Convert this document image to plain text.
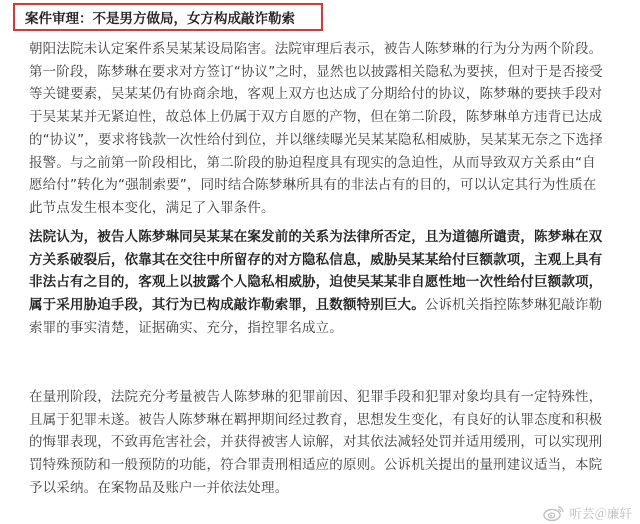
案件审理：不是男方做局，女方构成敲诈勒索

朝阳法院未认定案件系吴某某设局陷害。法院审理后表示，被告人陈梦琳的行为分为两个阶段。第一阶段，陈梦琳在要求对方签订“协议”之时，显然也以披露相关隐私为要挟，但对于是否接受等关键要素，吴某某仍有协商余地，客观上双方也达成了分期给付的协议，陈梦琳的要挟手段对于吴某某并无紧迫性，故总体上仍属于双方自愿的产物，但在第二阶段，陈梦琳单方违背已达成的“协议”，要求将钱款一次性给付到位，并以继续曝光吴某某隐私相威胁，吴某某无奈之下选择报警。与之前第一阶段相比，第二阶段的胁迫程度具有现实的急迫性，从而导致双方关系由“自愿给付”转化为“强制索要”，同时结合陈梦琳所具有的非法占有的目的，可以认定其行为性质在此节点发生根本变化，满足了入罪条件。

法院认为，被告人陈梦琳同吴某某在案发前的关系为法律所否定，且为道德所谴责，陈梦琳在双方关系破裂后，依靠其在交往中所留存的对方隐私信息，威胁吴某某给付巨额款项，主观上具有非法占有之目的，客观上以披露个人隐私相威胁，迫使吴某某非自愿性地一次性给付巨额款项，属于采用胁迫手段，其行为已构成敲诈勒索罪，且数额特别巨大。公诉机关指控陈梦琳犯敲诈勒索罪的事实清楚，证据确实、充分，指控罪名成立。

在量刑阶段，法院充分考量被告人陈梦琳的犯罪前因、犯罪手段和犯罪对象均具有一定特殊性，且属于犯罪未遂。被告人陈梦琳在羁押期间经过教育，思想发生变化，有良好的认罪态度和积极的悔罪表现，不致再危害社会，并获得被害人谅解，对其依法减轻处罚并适用缓刑，可以实现刑罚特殊预防和一般预防的功能，符合罪责刑相适应的原则。公诉机关提出的量刑建议适当，本院予以采纳。在案物品及账户一并依法处理。

听芸＠廉轩
